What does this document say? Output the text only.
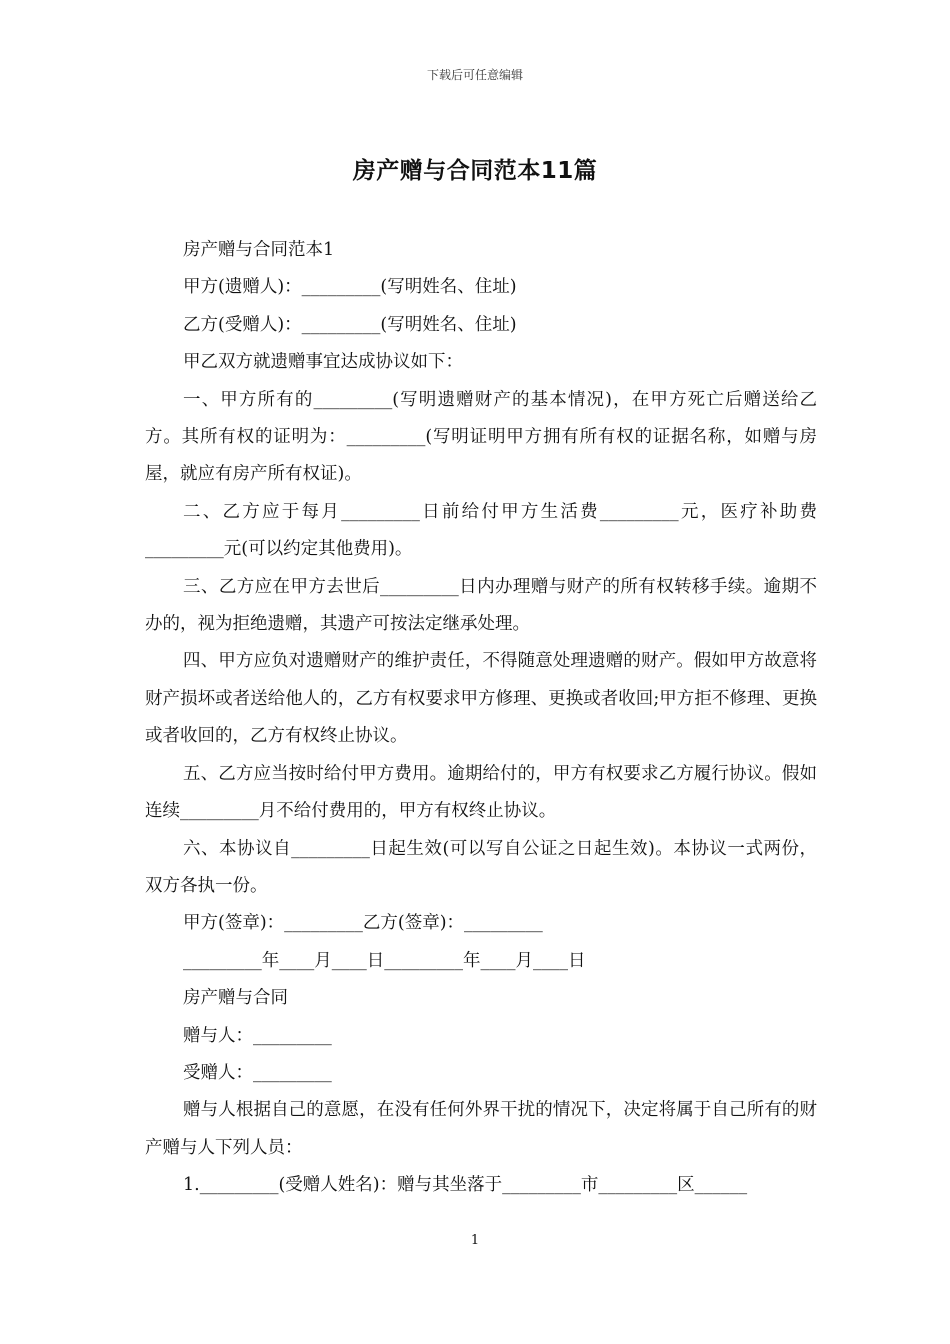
下载后可任意编辑
房产赠与合同范本11篇

房产赠与合同范本1

甲方(遗赠人)：_________(写明姓名、住址)

乙方(受赠人)：_________(写明姓名、住址)

甲乙双方就遗赠事宜达成协议如下：

一、甲方所有的_________(写明遗赠财产的基本情况)，在甲方死亡后赠送给乙方。其所有权的证明为：_________(写明证明甲方拥有所有权的证据名称，如赠与房屋，就应有房产所有权证)。

二、乙方应于每月_________日前给付甲方生活费_________元，医疗补助费_________元(可以约定其他费用)。

三、乙方应在甲方去世后_________日内办理赠与财产的所有权转移手续。逾期不办的，视为拒绝遗赠，其遗产可按法定继承处理。

四、甲方应负对遗赠财产的维护责任，不得随意处理遗赠的财产。假如甲方故意将财产损坏或者送给他人的，乙方有权要求甲方修理、更换或者收回;甲方拒不修理、更换或者收回的，乙方有权终止协议。

五、乙方应当按时给付甲方费用。逾期给付的，甲方有权要求乙方履行协议。假如连续_________月不给付费用的，甲方有权终止协议。

六、本协议自_________日起生效(可以写自公证之日起生效)。本协议一式两份，双方各执一份。

甲方(签章)：_________乙方(签章)：_________

_________年____月____日_________年____月____日

房产赠与合同

赠与人：_________

受赠人：_________

赠与人根据自己的意愿，在没有任何外界干扰的情况下，决定将属于自己所有的财产赠与人下列人员：

1._________(受赠人姓名)：赠与其坐落于_________市_________区______

1
